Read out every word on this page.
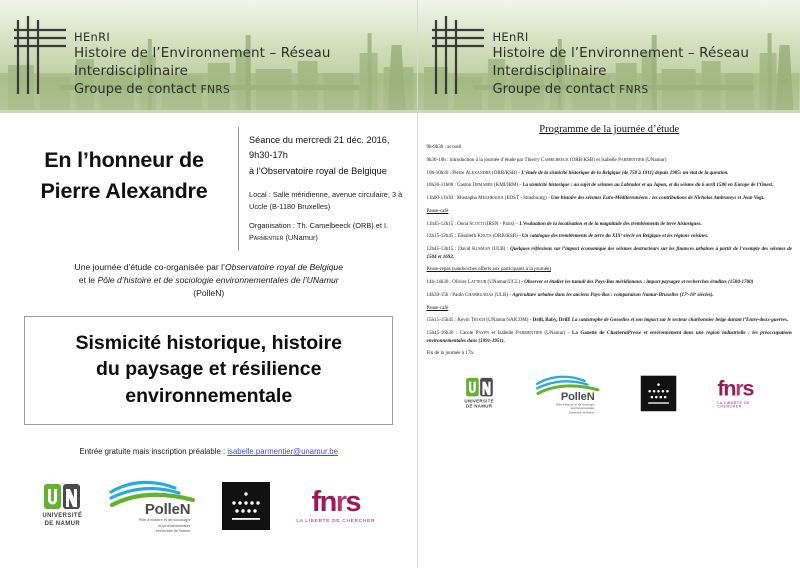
HEnRI
Histoire de l’Environnement – Réseau Interdisciplinaire
Groupe de contact FNRS
En l’honneur de
Pierre Alexandre
Séance du mercredi 21 déc. 2016,
9h30-17h
à l’Observatoire royal de Belgique
Local : Salle méridienne, avenue circulaire, 3 à Uccle (B-1180 Bruxelles)
Organisation : Th. Camelbeeck (ORB) et I. Parmentier (UNamur)
Une journée d’étude co-organisée par l’Observatoire royal de Belgique
et le Pôle d’histoire et de sociologie environnementales de l’UNamur
(PolleN)
Sismicité historique, histoire
du paysage et résilience
environnementale
Entrée gratuite mais inscription préalable : isabelle.parmentier@unamur.be
UNIVERSITÉ
DE NAMUR
PolleN
Pôle d’histoire et de sociologie environnementales
Université de Namur
fnrs
LA LIBERTÉ DE CHERCHER
HEnRI
Histoire de l’Environnement – Réseau Interdisciplinaire
Groupe de contact FNRS
Programme de la journée d’étude
9h-9h30 : accueil
9h30-10h : introduction à la journée d’étude par Thierry Camelbeeck (ORB/KSB) et Isabelle Parmentier (UNamur)
10h-10h30 : Pierre Alexandre (ORB/KSB) - L’étude de la sismicité historique de la Belgique (de 750 à 1911) depuis 1985: un état de la question.
10h30-11h00 : Gaston Demarée (KMI/IRM) - La sismicité historique : au sujet de séismes au Labrador et au Japon, et du séisme du 6 avril 1580 en Europe de l’Ouest.
11h00-11h30 : Mustapha Meghraoui (EOST - Strasbourg) - Une histoire des séismes Euro-Méditerranéens : les contributions de Nicholas Ambraseys et Jean Vogt.
Pause-café
11h45-12h15 : Oona Scotti (IRSN - Paris) – L’évaluation de la localisation et de la magnitude des tremblements de terre historiques.
12h15-12h45 : Elisabeth Knuts (ORB/KSB) - Un catalogue des tremblements de terre du XIXᵉ siècle en Belgique et les régions voisines.
12h45-13h15 : David Kusman (ULB) : Quelques réflexions sur l’impact économique des séismes destructeurs sur les finances urbaines à partir de l’exemple des séismes de 1504 et 1692.
Pause-repas (sandwiches offerts aux participants à la journée)
14h-14h30 : Olivier Latteur (UNamur/UCL) - Observer et étudier les tumuli des Pays-Bas méridionaux : impact paysager et recherches érudites (1500-1700)
14h30-15h : Paulo Charruadas (ULB) - Agriculture urbaine dans les anciens Pays-Bas : comparaison Namur-Bruxelles (17ᵉ-18ᵉ siècles).
Pause-café
15h15-15h45 : Kevin Troch (UNamur/SAICOM) - Drill, Baby, Drill! La catastrophe de Gosselies et son impact sur le secteur charbonnier belge durant l’Entre-deux-guerres.
15h45-16h30 : Carole Payen et Isabelle Parmentier (UNamur) - La Gazette de CharleroiPresse et environnement dans une région industrielle : les préoccupations environnementales dans (1891-1951).
Fin de la journée à 17h.
UNIVERSITÉ
DE NAMUR
PolleN
Pôle d’histoire et de sociologie environnementales
Université de Namur
fnrs
LA LIBERTÉ DE CHERCHER
